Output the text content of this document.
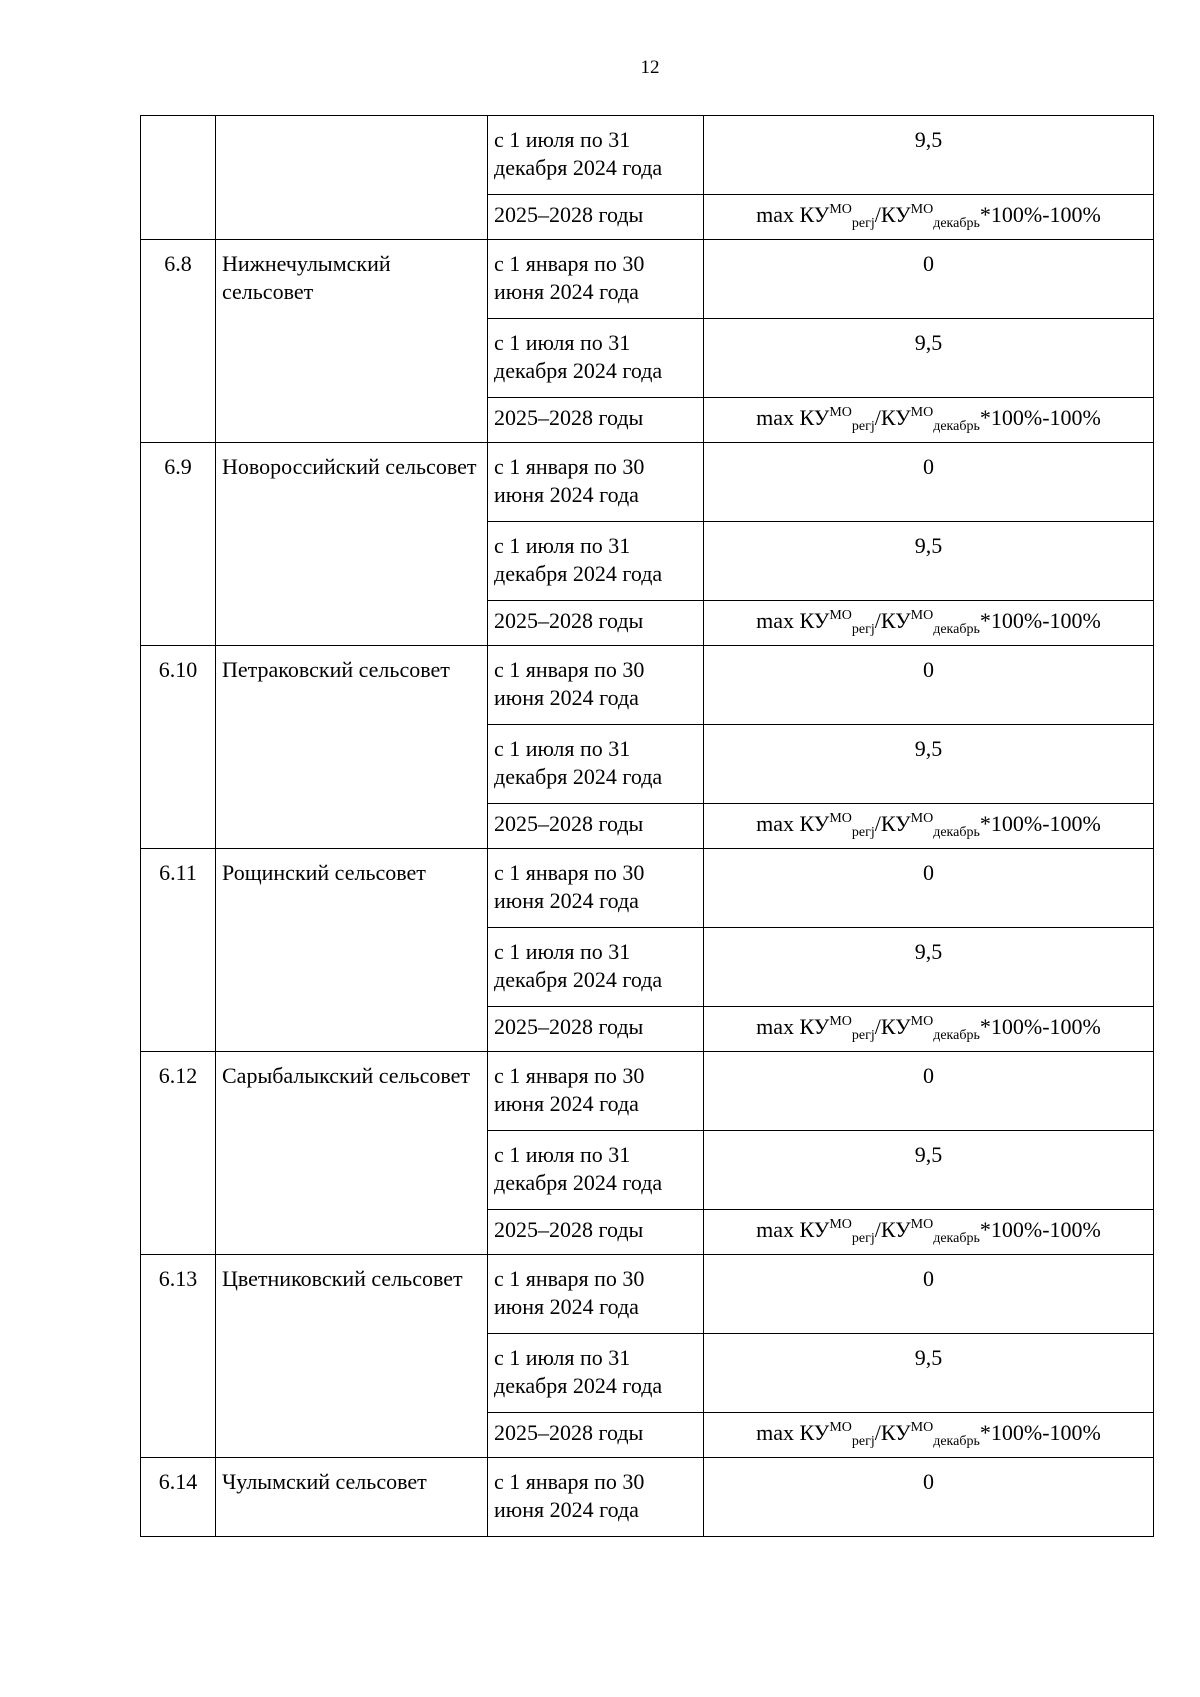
12
		с 1 июля по 31 декабря 2024 года	9,5
		2025–2028 годы	$\max КУ^{МО}_{регj}/КУ^{МО}_{декабрь}*100\%-100\%$
6.8	Нижнечулымский сельсовет	с 1 января по 30 июня 2024 года	0
		с 1 июля по 31 декабря 2024 года	9,5
		2025–2028 годы	$\max КУ^{МО}_{регj}/КУ^{МО}_{декабрь}*100\%-100\%$
6.9	Новороссийский сельсовет	с 1 января по 30 июня 2024 года	0
		с 1 июля по 31 декабря 2024 года	9,5
		2025–2028 годы	$\max КУ^{МО}_{регj}/КУ^{МО}_{декабрь}*100\%-100\%$
6.10	Петраковский сельсовет	с 1 января по 30 июня 2024 года	0
		с 1 июля по 31 декабря 2024 года	9,5
		2025–2028 годы	$\max КУ^{МО}_{регj}/КУ^{МО}_{декабрь}*100\%-100\%$
6.11	Рощинский сельсовет	с 1 января по 30 июня 2024 года	0
		с 1 июля по 31 декабря 2024 года	9,5
		2025–2028 годы	$\max КУ^{МО}_{регj}/КУ^{МО}_{декабрь}*100\%-100\%$
6.12	Сарыбалыкский сельсовет	с 1 января по 30 июня 2024 года	0
		с 1 июля по 31 декабря 2024 года	9,5
		2025–2028 годы	$\max КУ^{МО}_{регj}/КУ^{МО}_{декабрь}*100\%-100\%$
6.13	Цветниковский сельсовет	с 1 января по 30 июня 2024 года	0
		с 1 июля по 31 декабря 2024 года	9,5
		2025–2028 годы	$\max КУ^{МО}_{регj}/КУ^{МО}_{декабрь}*100\%-100\%$
6.14	Чулымский сельсовет	с 1 января по 30 июня 2024 года	0
